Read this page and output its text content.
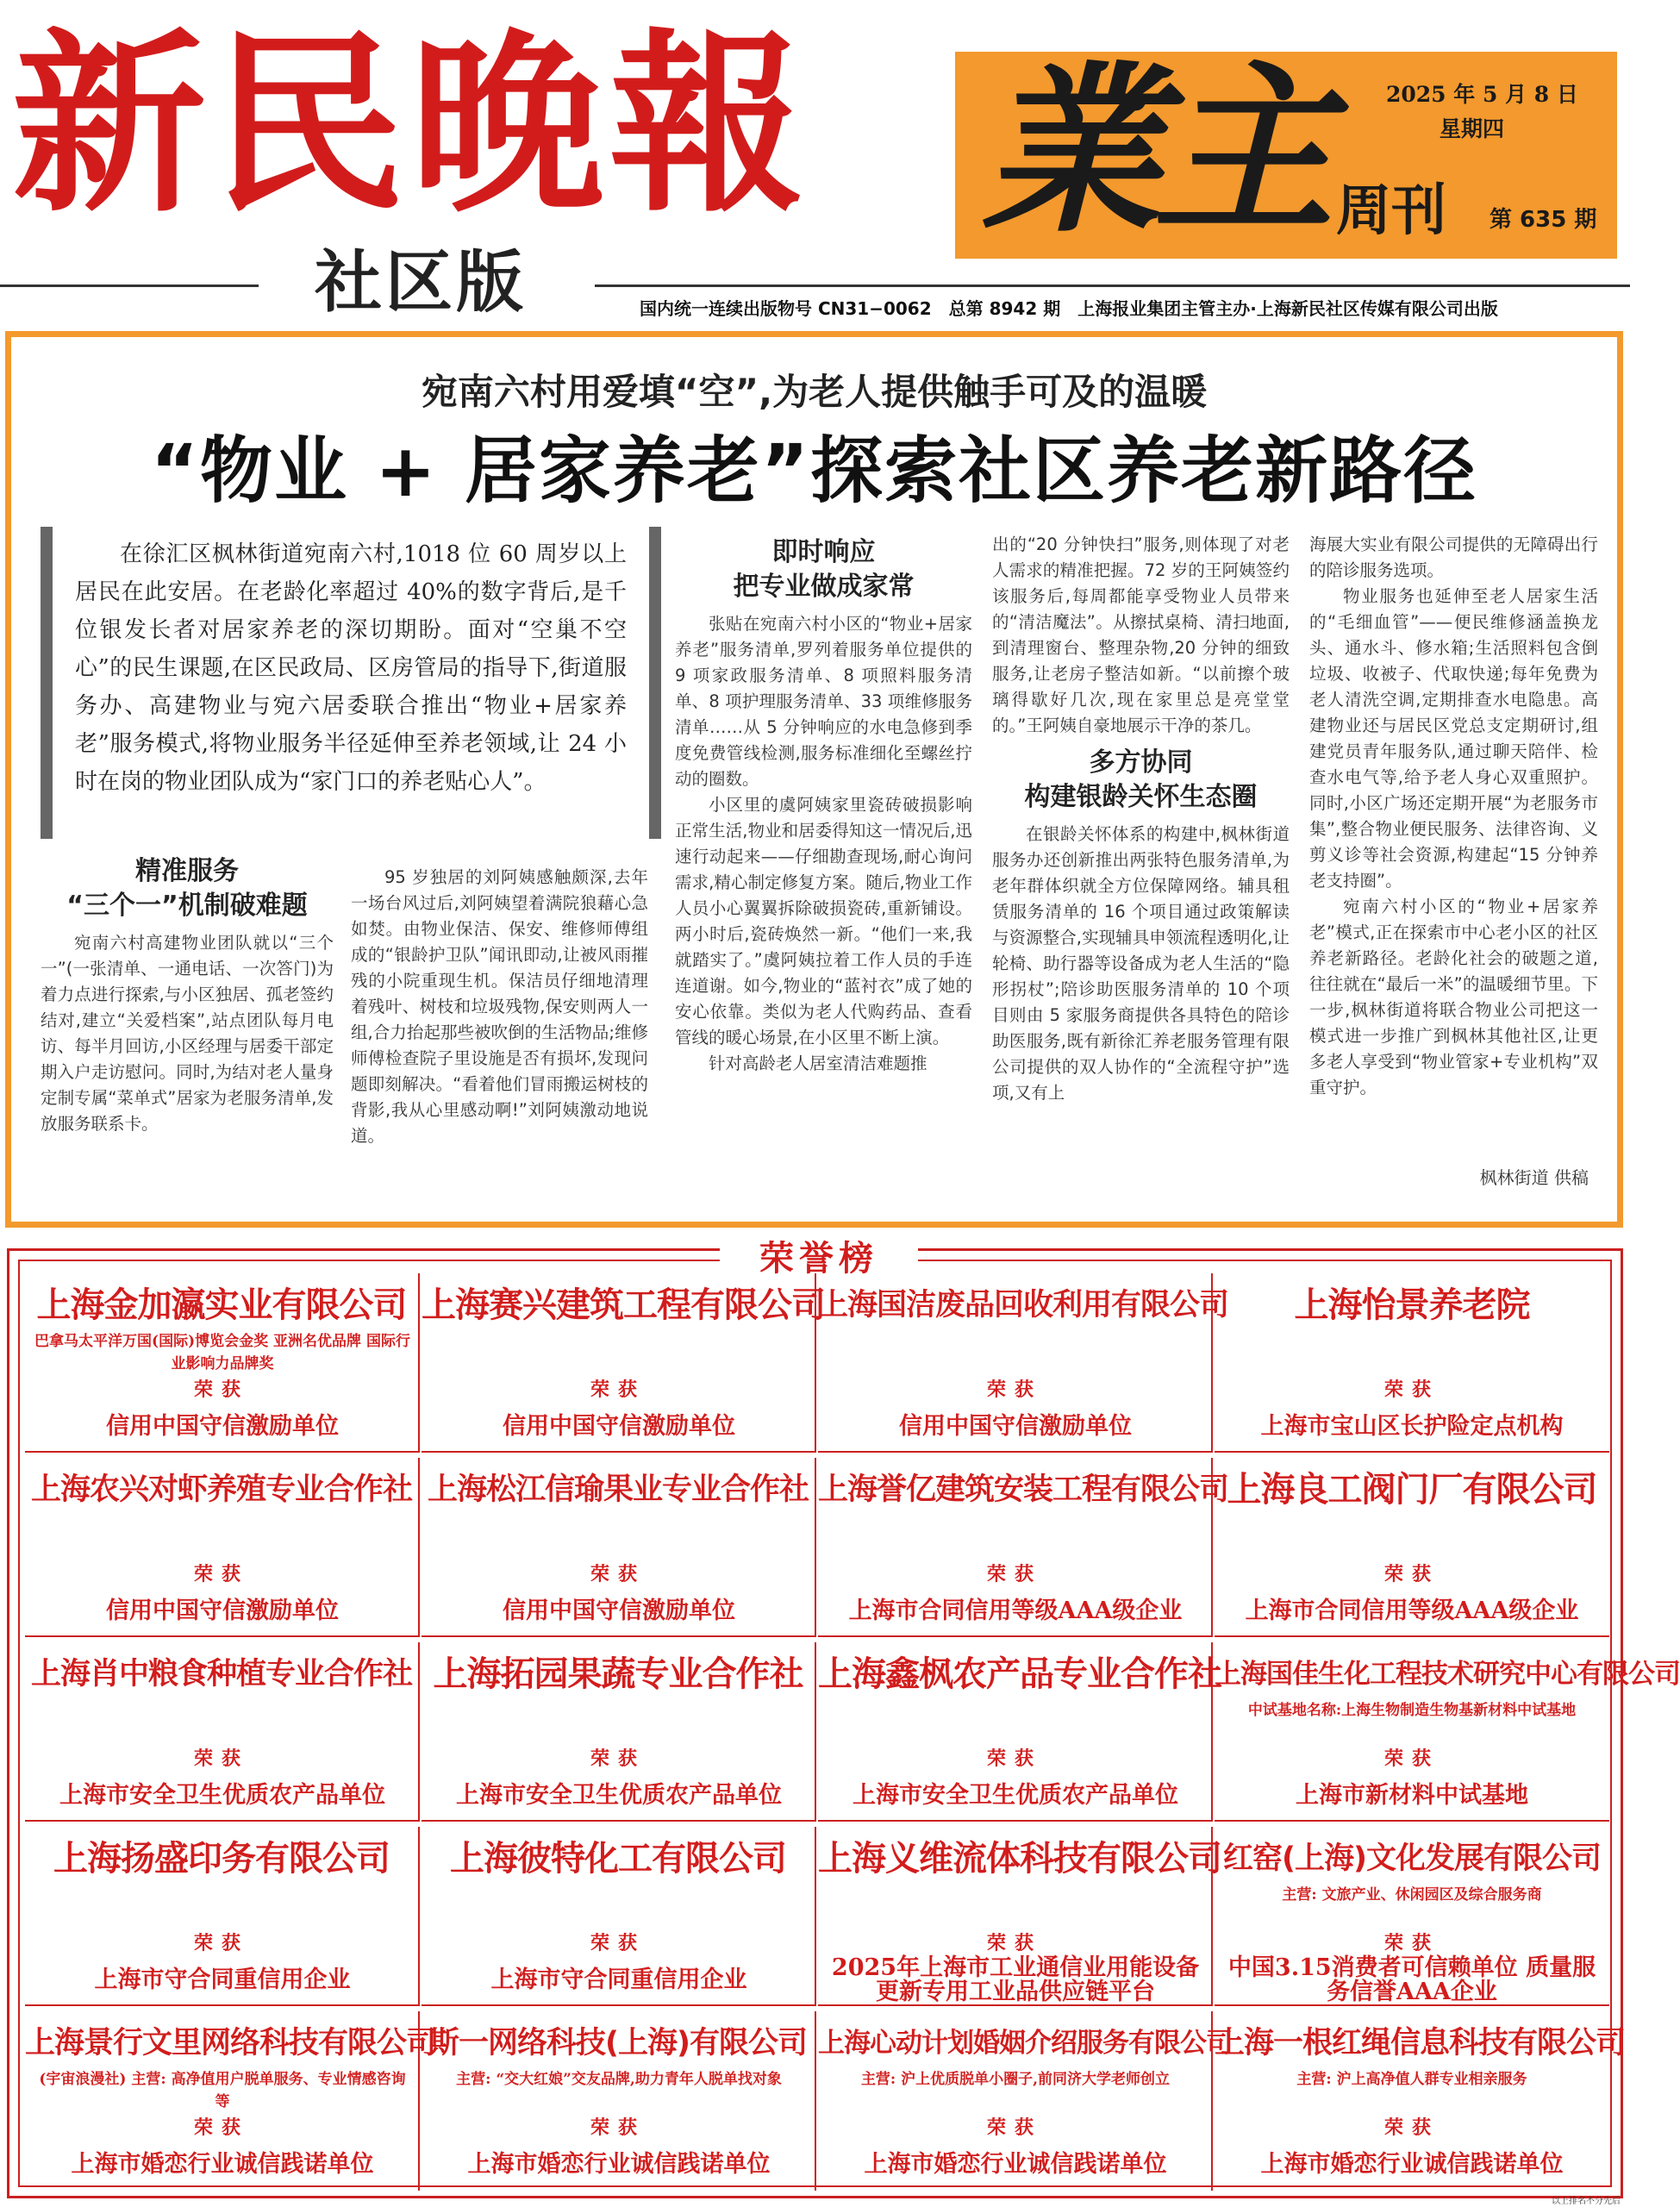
新民晚報
社区版
業主 周刊	第 635 期
2025 年 5 月 8 日
星期四
国内统一连续出版物号 CN31−0062　总第 8942 期　上海报业集团主管主办·上海新民社区传媒有限公司出版
宛南六村用爱填“空”,为老人提供触手可及的温暖
“物业 + 居家养老”探索社区养老新路径

在徐汇区枫林街道宛南六村,1018 位 60 周岁以上居民在此安居。在老龄化率超过 40%的数字背后,是千位银发长者对居家养老的深切期盼。面对“空巢不空心”的民生课题,在区民政局、区房管局的指导下,街道服务办、高建物业与宛六居委联合推出“物业+居家养老”服务模式,将物业服务半径延伸至养老领域,让 24 小时在岗的物业团队成为“家门口的养老贴心人”。

精准服务
“三个一”机制破难题

宛南六村高建物业团队就以“三个一”(一张清单、一通电话、一次答门)为着力点进行探索,与小区独居、孤老签约结对,建立“关爱档案”,站点团队每月电访、每半月回访,小区经理与居委干部定期入户走访慰问。同时,为结对老人量身定制专属“菜单式”居家为老服务清单,发放服务联系卡。

95 岁独居的刘阿姨感触颇深,去年一场台风过后,刘阿姨望着满院狼藉心急如焚。由物业保洁、保安、维修师傅组成的“银龄护卫队”闻讯即动,让被风雨摧残的小院重现生机。保洁员仔细地清理着残叶、树枝和垃圾残物,保安则两人一组,合力抬起那些被吹倒的生活物品;维修师傅检查院子里设施是否有损坏,发现问题即刻解决。“看着他们冒雨搬运树枝的背影,我从心里感动啊!”刘阿姨激动地说道。

即时响应
把专业做成家常

张贴在宛南六村小区的“物业+居家养老”服务清单,罗列着服务单位提供的 9 项家政服务清单、8 项照料服务清单、8 项护理服务清单、33 项维修服务清单……从 5 分钟响应的水电急修到季度免费管线检测,服务标准细化至螺丝拧动的圈数。

小区里的虞阿姨家里瓷砖破损影响正常生活,物业和居委得知这一情况后,迅速行动起来——仔细勘查现场,耐心询问需求,精心制定修复方案。随后,物业工作人员小心翼翼拆除破损瓷砖,重新铺设。两小时后,瓷砖焕然一新。“他们一来,我就踏实了。”虞阿姨拉着工作人员的手连连道谢。如今,物业的“蓝衬衣”成了她的安心依靠。类似为老人代购药品、查看管线的暖心场景,在小区里不断上演。

针对高龄老人居室清洁难题推

出的“20 分钟快扫”服务,则体现了对老人需求的精准把握。72 岁的王阿姨签约该服务后,每周都能享受物业人员带来的“清洁魔法”。从擦拭桌椅、清扫地面,到清理窗台、整理杂物,20 分钟的细致服务,让老房子整洁如新。“以前擦个玻璃得歇好几次,现在家里总是亮堂堂的。”王阿姨自豪地展示干净的茶几。

多方协同
构建银龄关怀生态圈

在银龄关怀体系的构建中,枫林街道服务办还创新推出两张特色服务清单,为老年群体织就全方位保障网络。辅具租赁服务清单的 16 个项目通过政策解读与资源整合,实现辅具申领流程透明化,让轮椅、助行器等设备成为老人生活的“隐形拐杖”;陪诊助医服务清单的 10 个项目则由 5 家服务商提供各具特色的陪诊助医服务,既有新徐汇养老服务管理有限公司提供的双人协作的“全流程守护”选项,又有上

海展大实业有限公司提供的无障碍出行的陪诊服务选项。

物业服务也延伸至老人居家生活的“毛细血管”——便民维修涵盖换龙头、通水斗、修水箱;生活照料包含倒垃圾、收被子、代取快递;每年免费为老人清洗空调,定期排查水电隐患。高建物业还与居民区党总支定期研讨,组建党员青年服务队,通过聊天陪伴、检查水电气等,给予老人身心双重照护。同时,小区广场还定期开展“为老服务市集”,整合物业便民服务、法律咨询、义剪义诊等社会资源,构建起“15 分钟养老支持圈”。

宛南六村小区的“物业+居家养老”模式,正在探索市中心老小区的社区养老新路径。老龄化社会的破题之道,往往就在“最后一米”的温暖细节里。下一步,枫林街道将联合物业公司把这一模式进一步推广到枫林其他社区,让更多老人享受到“物业管家+专业机构”双重守护。

枫林街道 供稿
荣誉榜
上海金加瀛实业有限公司
巴拿马太平洋万国(国际)博览会金奖 亚洲名优品牌 国际行业影响力品牌奖
荣获
信用中国守信激励单位
上海赛兴建筑工程有限公司
荣获
信用中国守信激励单位
上海国洁废品回收利用有限公司
荣获
信用中国守信激励单位
上海怡景养老院
荣获
上海市宝山区长护险定点机构
上海农兴对虾养殖专业合作社
荣获
信用中国守信激励单位
上海松江信瑜果业专业合作社
荣获
信用中国守信激励单位
上海誉亿建筑安装工程有限公司
荣获
上海市合同信用等级AAA级企业
上海良工阀门厂有限公司
荣获
上海市合同信用等级AAA级企业
上海肖中粮食种植专业合作社
荣获
上海市安全卫生优质农产品单位
上海拓园果蔬专业合作社
荣获
上海市安全卫生优质农产品单位
上海鑫枫农产品专业合作社
荣获
上海市安全卫生优质农产品单位
上海国佳生化工程技术研究中心有限公司
中试基地名称:上海生物制造生物基新材料中试基地
荣获
上海市新材料中试基地
上海扬盛印务有限公司
荣获
上海市守合同重信用企业
上海彼特化工有限公司
荣获
上海市守合同重信用企业
上海义维流体科技有限公司
荣获
2025年上海市工业通信业用能设备更新专用工业品供应链平台
红窑(上海)文化发展有限公司
主营: 文旅产业、休闲园区及综合服务商
荣获
中国3.15消费者可信赖单位 质量服务信誉AAA企业
上海景行文里网络科技有限公司
(宇宙浪漫社) 主营: 高净值用户脱单服务、专业情感咨询等
荣获
上海市婚恋行业诚信践诺单位
斯一网络科技(上海)有限公司
主营: “交大红娘”交友品牌,助力青年人脱单找对象
荣获
上海市婚恋行业诚信践诺单位
上海心动计划婚姻介绍服务有限公司
主营: 沪上优质脱单小圈子,前同济大学老师创立
荣获
上海市婚恋行业诚信践诺单位
上海一根红绳信息科技有限公司
主营: 沪上高净值人群专业相亲服务
荣获
上海市婚恋行业诚信践诺单位
以上排名不分先后
